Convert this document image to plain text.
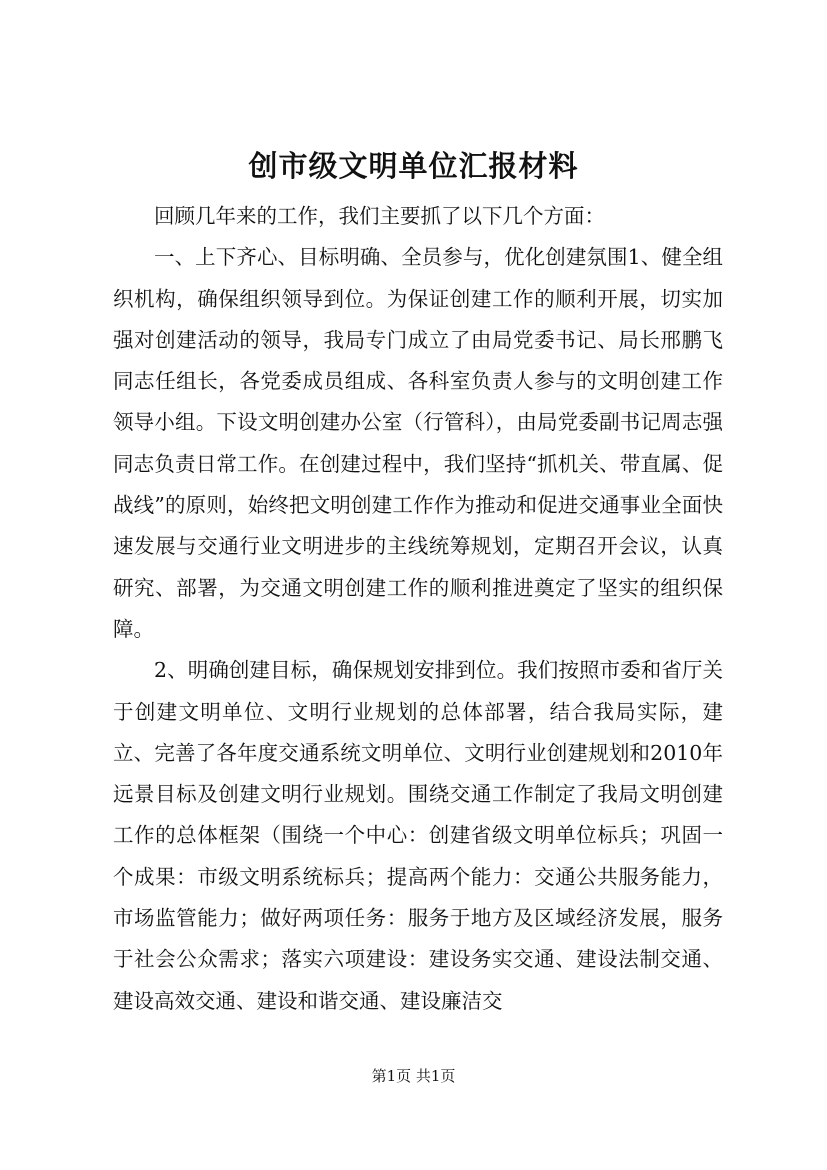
创市级文明单位汇报材料

回顾几年来的工作，我们主要抓了以下几个方面：

一、上下齐心、目标明确、全员参与，优化创建氛围1、健全组织机构，确保组织领导到位。为保证创建工作的顺利开展，切实加强对创建活动的领导，我局专门成立了由局党委书记、局长邢鹏飞同志任组长，各党委成员组成、各科室负责人参与的文明创建工作领导小组。下设文明创建办公室（行管科），由局党委副书记周志强同志负责日常工作。在创建过程中，我们坚持“抓机关、带直属、促战线”的原则，始终把文明创建工作作为推动和促进交通事业全面快速发展与交通行业文明进步的主线统筹规划，定期召开会议，认真研究、部署，为交通文明创建工作的顺利推进奠定了坚实的组织保障。

2、明确创建目标，确保规划安排到位。我们按照市委和省厅关于创建文明单位、文明行业规划的总体部署，结合我局实际，建立、完善了各年度交通系统文明单位、文明行业创建规划和2010年远景目标及创建文明行业规划。围绕交通工作制定了我局文明创建工作的总体框架（围绕一个中心：创建省级文明单位标兵；巩固一个成果：市级文明系统标兵；提高两个能力：交通公共服务能力，市场监管能力；做好两项任务：服务于地方及区域经济发展，服务于社会公众需求；落实六项建设：建设务实交通、建设法制交通、建设高效交通、建设和谐交通、建设廉洁交

第1页 共1页
